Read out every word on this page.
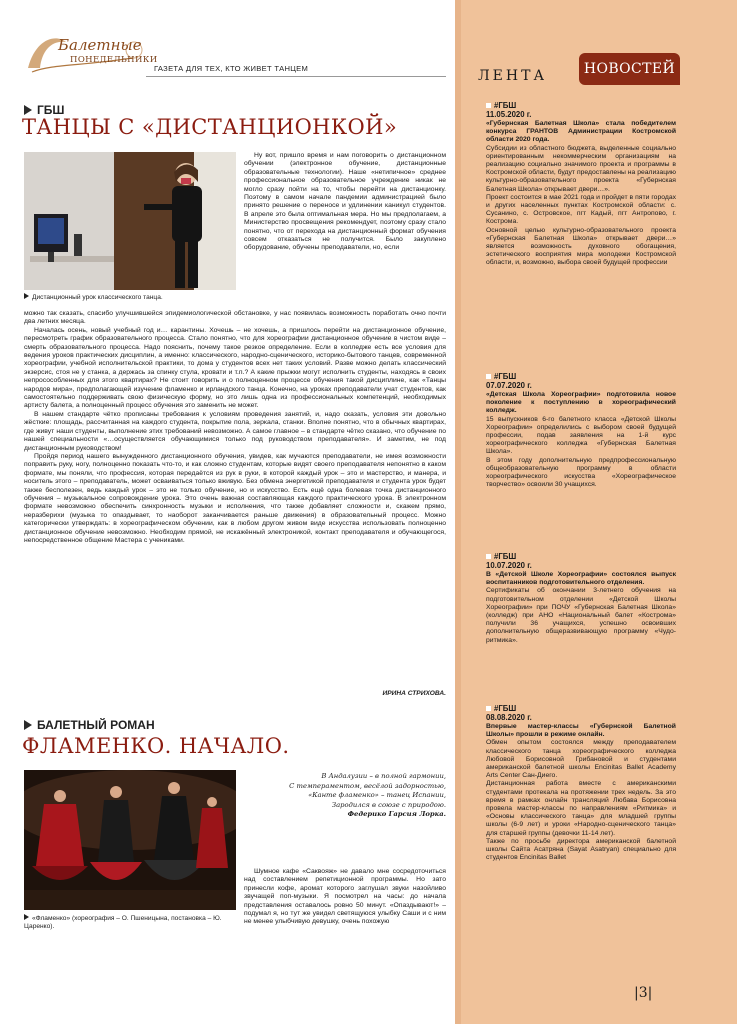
Балетные
ПОНЕДЕЛЬНИКИ
ГАЗЕТА ДЛЯ ТЕХ, КТО ЖИВЕТ ТАНЦЕМ
ГБШ
ТАНЦЫ С «ДИСТАНЦИОНКОЙ»
Дистанционный урок классического танца.

Ну вот, пришло время и нам поговорить о дистанционном обучении (электронное обучение, дистанционные образовательные технологии). Наше «нетипичное» среднее профессиональное образовательное учреждение никак не могло сразу пойти на то, чтобы перейти на дистанционку. Поэтому в самом начале пандемии администрацией было принято решение о переносе и удлинении каникул студентов. В апреле это была оптимальная мера. Но мы предполагаем, а Министерство просвещения рекомендует, поэтому сразу стало понятно, что от перехода на дистанционный формат обучения совсем отказаться не получится. Было закуплено оборудование, обучены преподаватели, но, если

можно так сказать, спасибо улучшившейся эпидемиологической обстановке, у нас появилась возможность поработать очно почти два летних месяца.

Началась осень, новый учебный год и… карантины. Хочешь – не хочешь, а пришлось перейти на дистанционное обучение, пересмотреть график образовательного процесса. Стало понятно, что для хореографии дистанционное обучение в чистом виде – смерть образовательного процесса. Надо пояснить, почему такое резкое определение. Если в колледже есть все условия для ведения уроков практических дисциплин, а именно: классического, народно-сценического, историко-бытового танцев, современной хореографии, учебной исполнительской практики, то дома у студентов всех нет таких условий. Разве можно делать классический экзерсис, стоя не у станка, а держась за спинку стула, кровати и т.п.? А какие прыжки могут исполнить студенты, находясь в своих непросособленных для этого квартирах? Не стоит говорить и о полноценном процессе обучения такой дисциплине, как «Танцы народов мира», предполагающей изучение фламенко и ирландского танца. Конечно, на уроках преподаватели учат студентов, как самостоятельно поддерживать свою физическую форму, но это лишь одна из профессиональных компетенций, необходимых артисту балета, а полноценный процесс обучения это заменить не может.

В нашем стандарте чётко прописаны требования к условиям проведения занятий, и, надо сказать, условия эти довольно жёсткие: площадь, рассчитанная на каждого студента, покрытие пола, зеркала, станки. Вполне понятно, что в обычных квартирах, где живут наши студенты, выполнение этих требований невозможно. А самое главное – в стандарте чётко сказано, что обучение по нашей специальности «…осуществляется обучающимися только под руководством преподавателя». И заметим, не под дистанционным руководством!

Пройдя период нашего вынужденного дистанционного обучения, увидев, как мучаются преподаватели, не имея возможности поправить руку, ногу, полноценно показать что-то, и как сложно студентам, которые видят своего преподавателя непонятно в каком формате, мы поняли, что профессия, которая передаётся из рук в руки, в которой каждый урок – это и мастерство, и манера, и носитель этого – преподаватель, может осваиваться только вживую. Без обмена энергетикой преподавателя и студента урок будет также бесполезен, ведь каждый урок – это не только обучение, но и искусство. Есть ещё одна болевая точка дистанционного обучения – музыкальное сопровождение урока. Это очень важная составляющая каждого практического урока. В электронном формате невозможно обеспечить синхронность музыки и исполнения, что также добавляет сложности и, скажем прямо, неразберихи (музыка то опаздывает, то наоборот заканчивается раньше движения) в образовательный процесс. Можно категорически утверждать: в хореографическом обучении, как в любом другом живом виде искусства использовать полноценно дистанционное обучение невозможно. Необходим прямой, не искажённый электроникой, контакт преподавателя и обучающегося, непосредственное общение Мастера с учениками.

ИРИНА СТРИХОВА.
БАЛЕТНЫЙ РОМАН
ФЛАМЕНКО. НАЧАЛО.
«Фламенко» (хореография – О. Пшеницына, постановка – Ю. Царенко).
В Андалузии – в полной гармонии,
С темпераментом, весёлой задорностью,
«Канте фламенко» – танец Испании,
Зародился в союзе с природою.
Федерико Гарсия Лорка.

Шумное кафе «Саквояж» не давало мне сосредоточиться над составлением репетиционной программы. Но зато принесли кофе, аромат которого заглушал звуки назойливо звучащей поп-музыки. Я посмотрел на часы: до начала представления оставалось ровно 50 минут. «Опаздывают!» – подумал я, но тут же увидел светящуюся улыбку Саши и с ним не менее улыбчивую девушку, очень похожую

ЛЕНТА	НОВОСТЕЙ
#ГБШ
11.05.2020 г.
«Губернская Балетная Школа» стала победителем конкурса ГРАНТОВ Администрации Костромской области 2020 года.
Субсидии из областного бюджета, выделенные социально ориентированным некоммерческим организациям на реализацию социально значимого проекта и программы в Костромской области, будут предоставлены на реализацию культурно-образовательного проекта «Губернская Балетная Школа» открывает двери…».
Проект состоится в мае 2021 года и пройдет в пяти городах и других населенных пунктах Костромской области: с. Сусанино, с. Островское, пгт Кадый, пгт Антропово, г. Кострома.
Основной целью культурно-образовательного проекта «Губернская Балетная Школа» открывает двери…» является возможность духовного обогащения, эстетического восприятия мира молодежи Костромской области, и, возможно, выбора своей будущей профессии
#ГБШ
07.07.2020 г.
«Детская Школа Хореографии» подготовила новое поколение к поступлению в хореографический колледж.
15 выпускников 6-го балетного класса «Детской Школы Хореографии» определились с выбором своей будущей профессии, подав заявления на 1-й курс хореографического колледжа «Губернская Балетная Школа».
В этом году дополнительную предпрофессиональную общеобразовательную программу в области хореографического искусства «Хореографическое творчество» освоили 30 учащихся.
#ГБШ
10.07.2020 г.
В «Детской Школе Хореографии» состоялся выпуск воспитанников подготовительного отделения.
Сертификаты об окончании 3-летнего обучения на подготовительном отделении «Детской Школы Хореографии» при ПОЧУ «Губернская Балетная Школа» (колледж) при АНО «Национальный балет «Кострома» получили 36 учащихся, успешно освоивших дополнительную общеразвивающую программу «Чудо-ритмика».
#ГБШ
08.08.2020 г.
Впервые мастер-классы «Губернской Балетной Школы» прошли в режиме онлайн.
Обмен опытом состоялся между преподавателем классического танца хореографического колледжа Любовой Борисовной Грибановой и студентами американской балетной школы Encinitas Ballet Academy Arts Center Сан-Диего.
Дистанционная работа вместе с американскими студентами протекала на протяжении трех недель. За это время в рамках онлайн трансляций Любава Борисовна провела мастер-классы по направлениям «Ритмика» и «Основы классического танца» для младшей группы школы (6-9 лет) и уроки «Народно-сценического танца» для старшей группы (девочки 11-14 лет).
Также по просьбе директора американской балетной школы Сайта Асатряна (Sayat Asatryan) специально для студентов Encinitas Ballet
|3|
